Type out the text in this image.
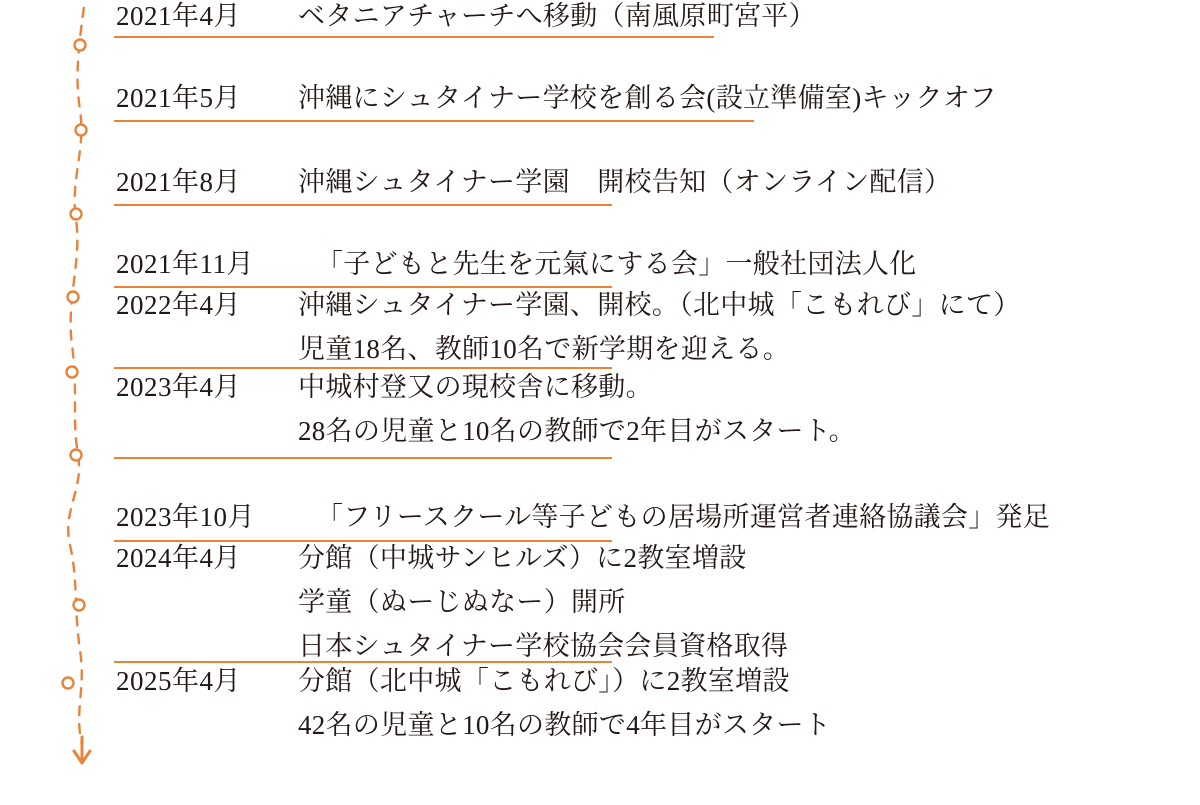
2021年4月	ベタニアチャーチへ移動（南風原町宮平）
2021年5月	沖縄にシュタイナー学校を創る会(設立準備室)キックオフ
2021年8月	沖縄シュタイナー学園　開校告知（オンライン配信）
2021年11月	「子どもと先生を元氣にする会」一般社団法人化
2022年4月	沖縄シュタイナー学園、開校。（北中城「こもれび」にて）
児童18名、教師10名で新学期を迎える。
2023年4月	中城村登又の現校舎に移動。
28名の児童と10名の教師で2年目がスタート。
2023年10月	「フリースクール等子どもの居場所運営者連絡協議会」発足
2024年4月	分館（中城サンヒルズ）に2教室増設
学童（ぬーじぬなー）開所
日本シュタイナー学校協会会員資格取得
2025年4月	分館（北中城「こもれび」）に2教室増設
42名の児童と10名の教師で4年目がスタート
